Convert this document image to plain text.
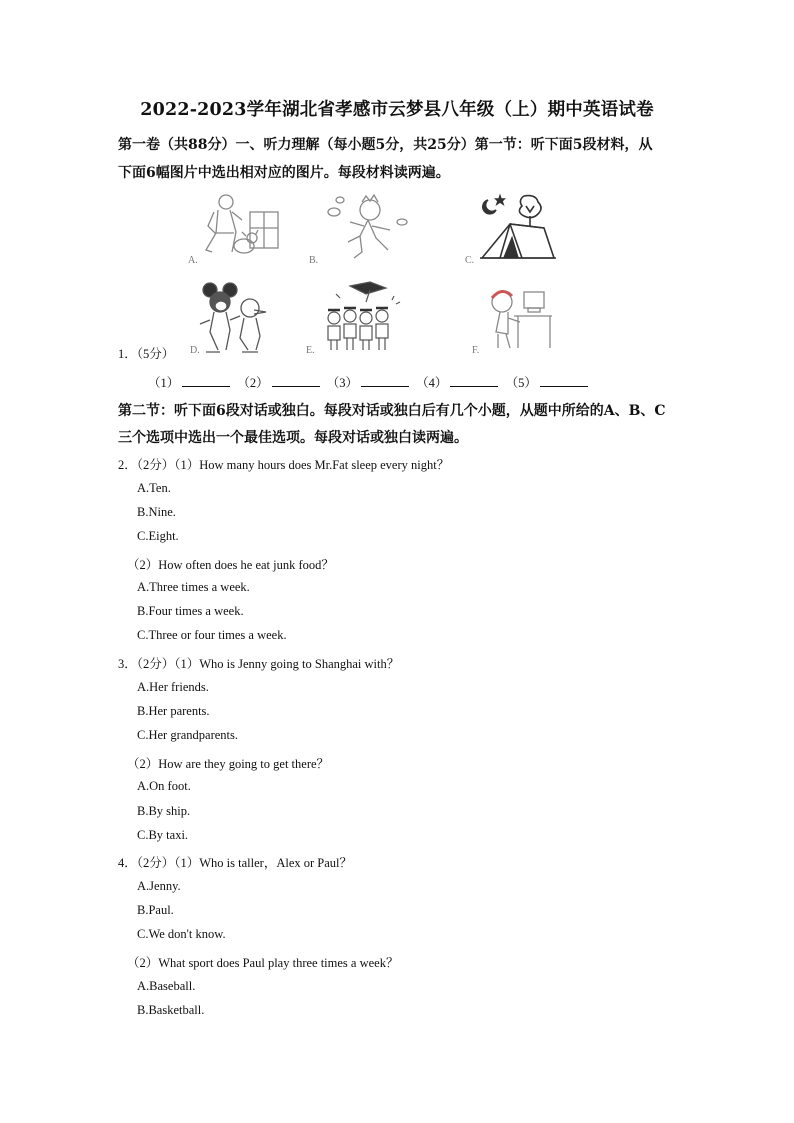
2022-2023学年湖北省孝感市云梦县八年级（上）期中英语试卷
第一卷（共88分）一、听力理解（每小题5分，共25分）第一节：听下面5段材料，从
下面6幅图片中选出相对应的图片。每段材料读两遍。
A.	B.	C.
D.	E.	F.
1．（5分）
（1）	（2）	（3）	（4）	（5）
第二节：听下面6段对话或独白。每段对话或独白后有几个小题，从题中所给的A、B、C
三个选项中选出一个最佳选项。每段对话或独白读两遍。
2．（2分）（1）How many hours does Mr.Fat sleep every night？
A.Ten.
B.Nine.
C.Eight.
（2）How often does he eat junk food？
A.Three times a week.
B.Four times a week.
C.Three or four times a week.
3．（2分）（1）Who is Jenny going to Shanghai with？
A.Her friends.
B.Her parents.
C.Her grandparents.
（2）How are they going to get there？
A.On foot.
B.By ship.
C.By taxi.
4．（2分）（1）Who is taller，Alex or Paul？
A.Jenny.
B.Paul.
C.We don't know.
（2）What sport does Paul play three times a week？
A.Baseball.
B.Basketball.
